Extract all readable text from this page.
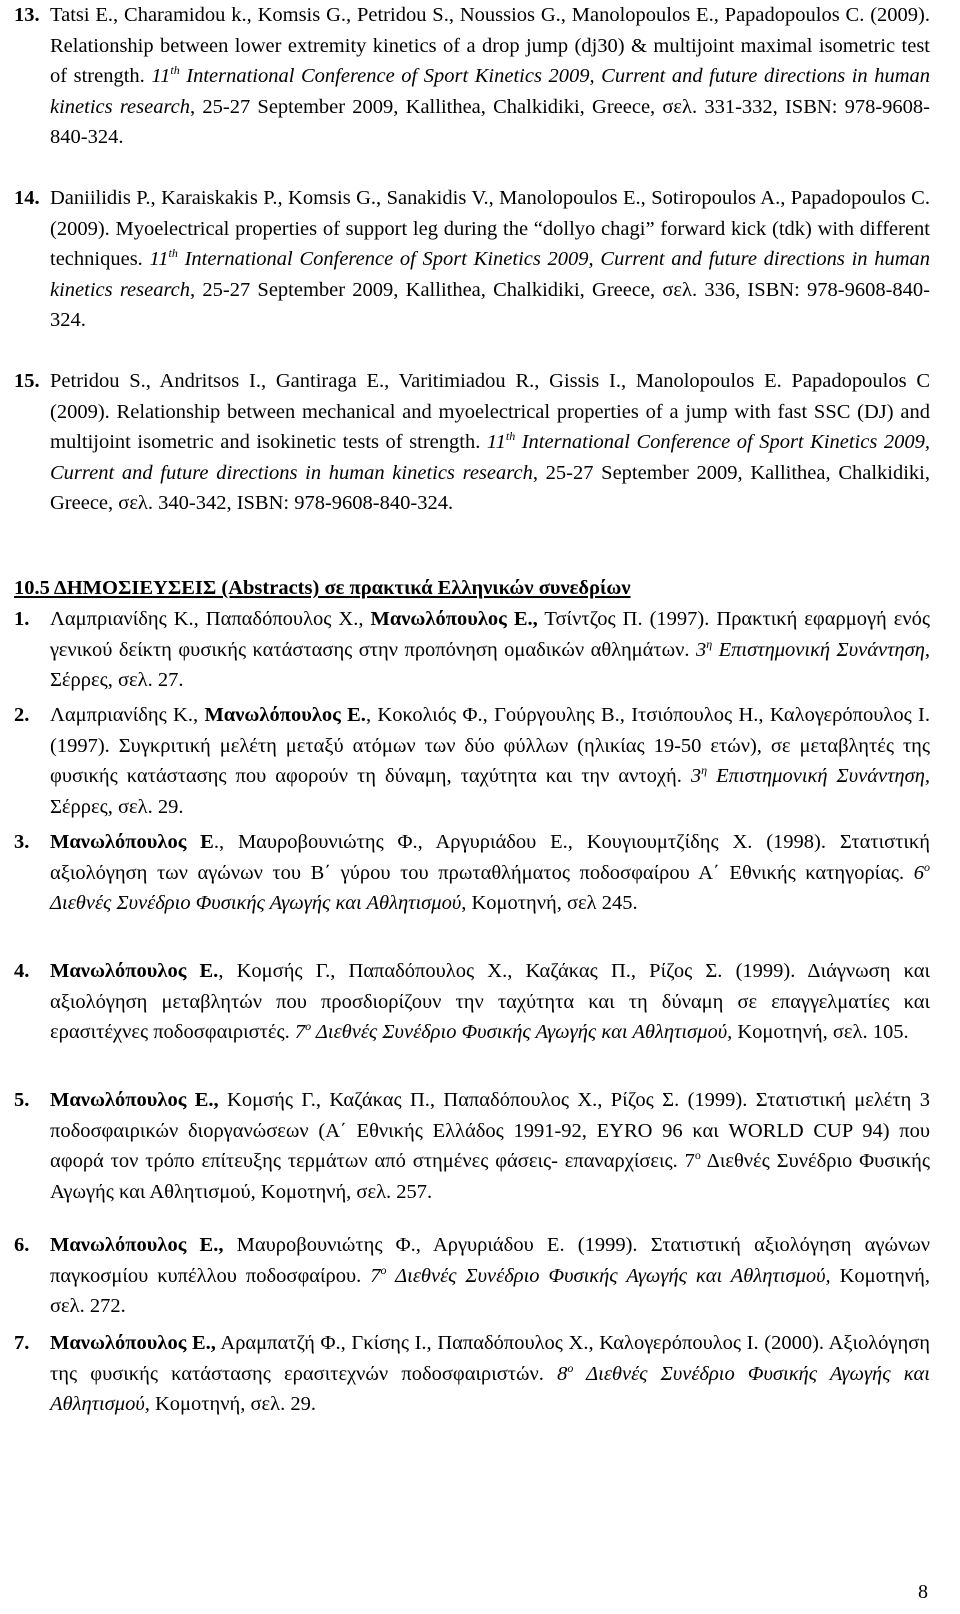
13. Tatsi E., Charamidou k., Komsis G., Petridou S., Noussios G., Manolopoulos E., Papadopoulos C. (2009). Relationship between lower extremity kinetics of a drop jump (dj30) & multijoint maximal isometric test of strength. 11th International Conference of Sport Kinetics 2009, Current and future directions in human kinetics research, 25-27 September 2009, Kallithea, Chalkidiki, Greece, σελ. 331-332, ISBN: 978-9608-840-324.
14. Daniilidis P., Karaiskakis P., Komsis G., Sanakidis V., Manolopoulos E., Sotiropoulos A., Papadopoulos C. (2009). Myoelectrical properties of support leg during the “dollyo chagi” forward kick (tdk) with different techniques. 11th International Conference of Sport Kinetics 2009, Current and future directions in human kinetics research, 25-27 September 2009, Kallithea, Chalkidiki, Greece, σελ. 336, ISBN: 978-9608-840-324.
15. Petridou S., Andritsos I., Gantiraga E., Varitimiadou R., Gissis I., Manolopoulos E. Papadopoulos C (2009). Relationship between mechanical and myoelectrical properties of a jump with fast SSC (DJ) and multijoint isometric and isokinetic tests of strength. 11th International Conference of Sport Kinetics 2009, Current and future directions in human kinetics research, 25-27 September 2009, Kallithea, Chalkidiki, Greece, σελ. 340-342, ISBN: 978-9608-840-324.
10.5 ΔΗΜΟΣΙΕΥΣΕΙΣ (Abstracts) σε πρακτικά Ελληνικών συνεδρίων
1. Λαμπριανίδης Κ., Παπαδόπουλος Χ., Μανωλόπουλος Ε., Τσίντζος Π. (1997). Πρακτική εφαρμογή ενός γενικού δείκτη φυσικής κατάστασης στην προπόνηση ομαδικών αθλημάτων. $3^\eta$ Επιστημονική Συνάντηση, Σέρρες, σελ. 27.
2. Λαμπριανίδης Κ., Μανωλόπουλος Ε., Κοκολιός Φ., Γούργουλης Β., Ιτσιόπουλος Η., Καλογερόπουλος Ι. (1997). Συγκριτική μελέτη μεταξύ ατόμων των δύο φύλλων (ηλικίας 19-50 ετών), σε μεταβλητές της φυσικής κατάστασης που αφορούν τη δύναμη, ταχύτητα και την αντοχή. $3^\eta$ Επιστημονική Συνάντηση, Σέρρες, σελ. 29.
3. Μανωλόπουλος Ε., Μαυροβουνιώτης Φ., Αργυριάδου Ε., Κουγιουμτζίδης Χ. (1998). Στατιστική αξιολόγηση των αγώνων του Β΄ γύρου του πρωταθλήματος ποδοσφαίρου Α΄ Εθνικής κατηγορίας. $6^o$ Διεθνές Συνέδριο Φυσικής Αγωγής και Αθλητισμού, Κομοτηνή, σελ 245.
4. Μανωλόπουλος Ε., Κομσής Γ., Παπαδόπουλος Χ., Καζάκας Π., Ρίζος Σ. (1999). Διάγνωση και αξιολόγηση μεταβλητών που προσδιορίζουν την ταχύτητα και τη δύναμη σε επαγγελματίες και ερασιτέχνες ποδοσφαιριστές. $7^o$ Διεθνές Συνέδριο Φυσικής Αγωγής και Αθλητισμού, Κομοτηνή, σελ. 105.
5. Μανωλόπουλος Ε., Κομσής Γ., Καζάκας Π., Παπαδόπουλος Χ., Ρίζος Σ. (1999). Στατιστική μελέτη 3 ποδοσφαιρικών διοργανώσεων (Α΄ Εθνικής Ελλάδος 1991-92, EYRO 96 και WORLD CUP 94) που αφορά τον τρόπο επίτευξης τερμάτων από στημένες φάσεις- επαναρχίσεις. $7^o$ Διεθνές Συνέδριο Φυσικής Αγωγής και Αθλητισμού, Κομοτηνή, σελ. 257.
6. Μανωλόπουλος Ε., Μαυροβουνιώτης Φ., Αργυριάδου Ε. (1999). Στατιστική αξιολόγηση αγώνων παγκοσμίου κυπέλλου ποδοσφαίρου. $7^o$ Διεθνές Συνέδριο Φυσικής Αγωγής και Αθλητισμού, Κομοτηνή, σελ. 272.
7. Μανωλόπουλος Ε., Αραμπατζή Φ., Γκίσης Ι., Παπαδόπουλος Χ., Καλογερόπουλος Ι. (2000). Αξιολόγηση της φυσικής κατάστασης ερασιτεχνών ποδοσφαιριστών. $8^o$ Διεθνές Συνέδριο Φυσικής Αγωγής και Αθλητισμού, Κομοτηνή, σελ. 29.
8
